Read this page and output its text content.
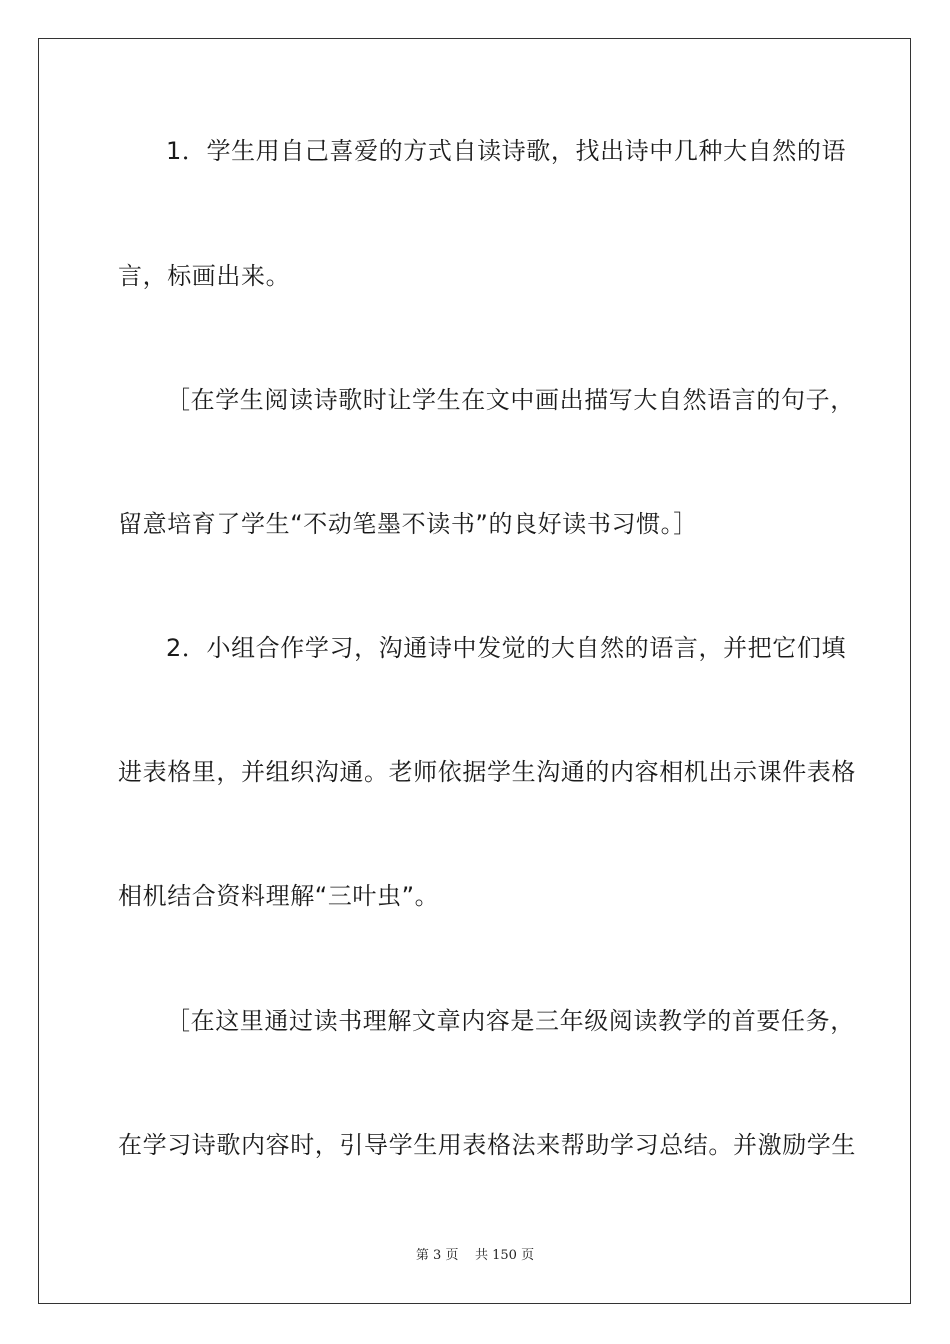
1．学生用自己喜爱的方式自读诗歌，找出诗中几种大自然的语
言，标画出来。
［在学生阅读诗歌时让学生在文中画出描写大自然语言的句子，
留意培育了学生“不动笔墨不读书”的良好读书习惯。］
2．小组合作学习，沟通诗中发觉的大自然的语言，并把它们填
进表格里，并组织沟通。老师依据学生沟通的内容相机出示课件表格
相机结合资料理解“三叶虫”。
［在这里通过读书理解文章内容是三年级阅读教学的首要任务，
在学习诗歌内容时，引导学生用表格法来帮助学习总结。并激励学生
第 3 页 共 150 页
